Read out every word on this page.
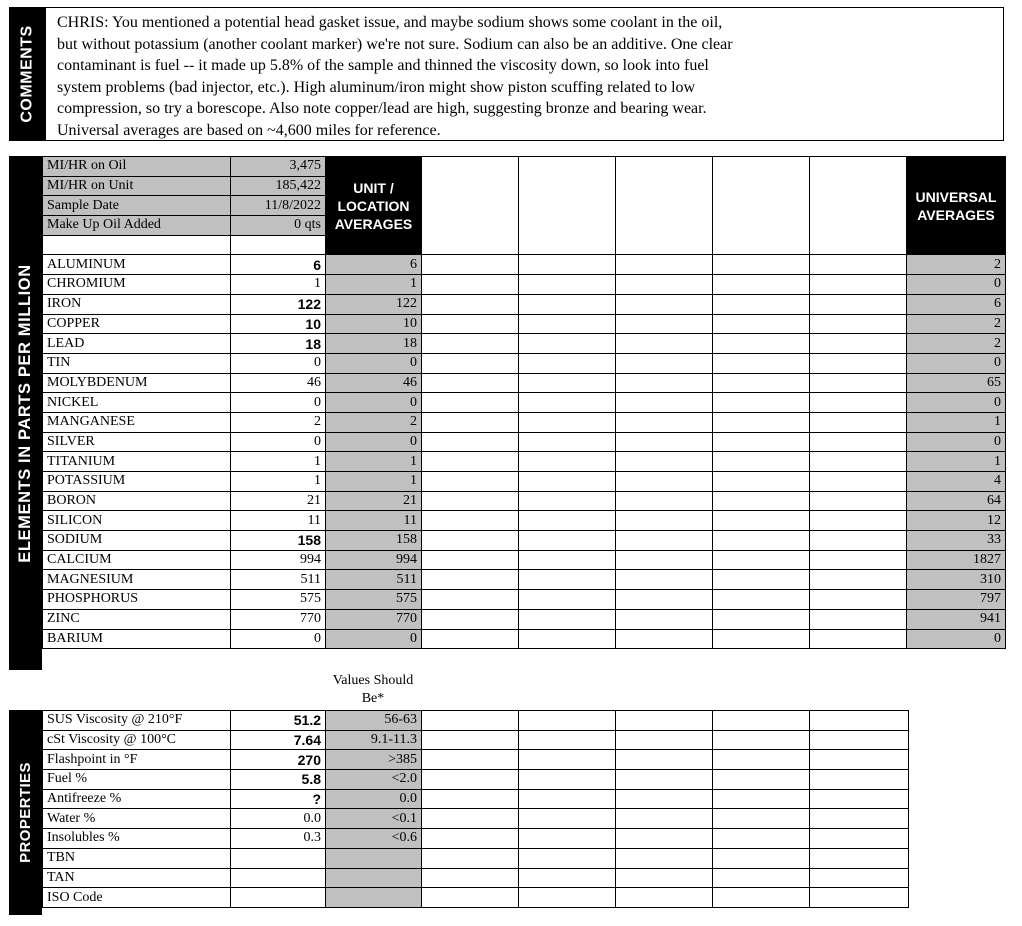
COMMENTS

CHRIS: You mentioned a potential head gasket issue, and maybe sodium shows some coolant in the oil,

but without potassium (another coolant marker) we're not sure. Sodium can also be an additive. One clear

contaminant is fuel -- it made up 5.8% of the sample and thinned the viscosity down, so look into fuel

system problems (bad injector, etc.). High aluminum/iron might show piston scuffing related to low

compression, so try a borescope. Also note copper/lead are high, suggesting bronze and bearing wear.

Universal averages are based on ~4,600 miles for reference.

ELEMENTS IN PARTS PER MILLION
MI/HR on Oil	3,475	UNIT / LOCATION AVERAGES						UNIVERSAL AVERAGES
MI/HR on Unit	185,422							
Sample Date	11/8/2022							
Make Up Oil Added	0 qts							

ALUMINUM	6	6						2
CHROMIUM	1	1						0
IRON	122	122						6
COPPER	10	10						2
LEAD	18	18						2
TIN	0	0						0
MOLYBDENUM	46	46						65
NICKEL	0	0						0
MANGANESE	2	2						1
SILVER	0	0						0
TITANIUM	1	1						1
POTASSIUM	1	1						4
BORON	21	21						64
SILICON	11	11						12
SODIUM	158	158						33
CALCIUM	994	994						1827
MAGNESIUM	511	511						310
PHOSPHORUS	575	575						797
ZINC	770	770						941
BARIUM	0	0						0
Values Should Be*
PROPERTIES
SUS Viscosity @ 210°F	51.2	56-63					
cSt Viscosity @ 100°C	7.64	9.1-11.3					
Flashpoint in °F	270	>385					
Fuel %	5.8	<2.0					
Antifreeze %	?	0.0					
Water %	0.0	<0.1					
Insolubles %	0.3	<0.6					
TBN							
TAN							
ISO Code							
